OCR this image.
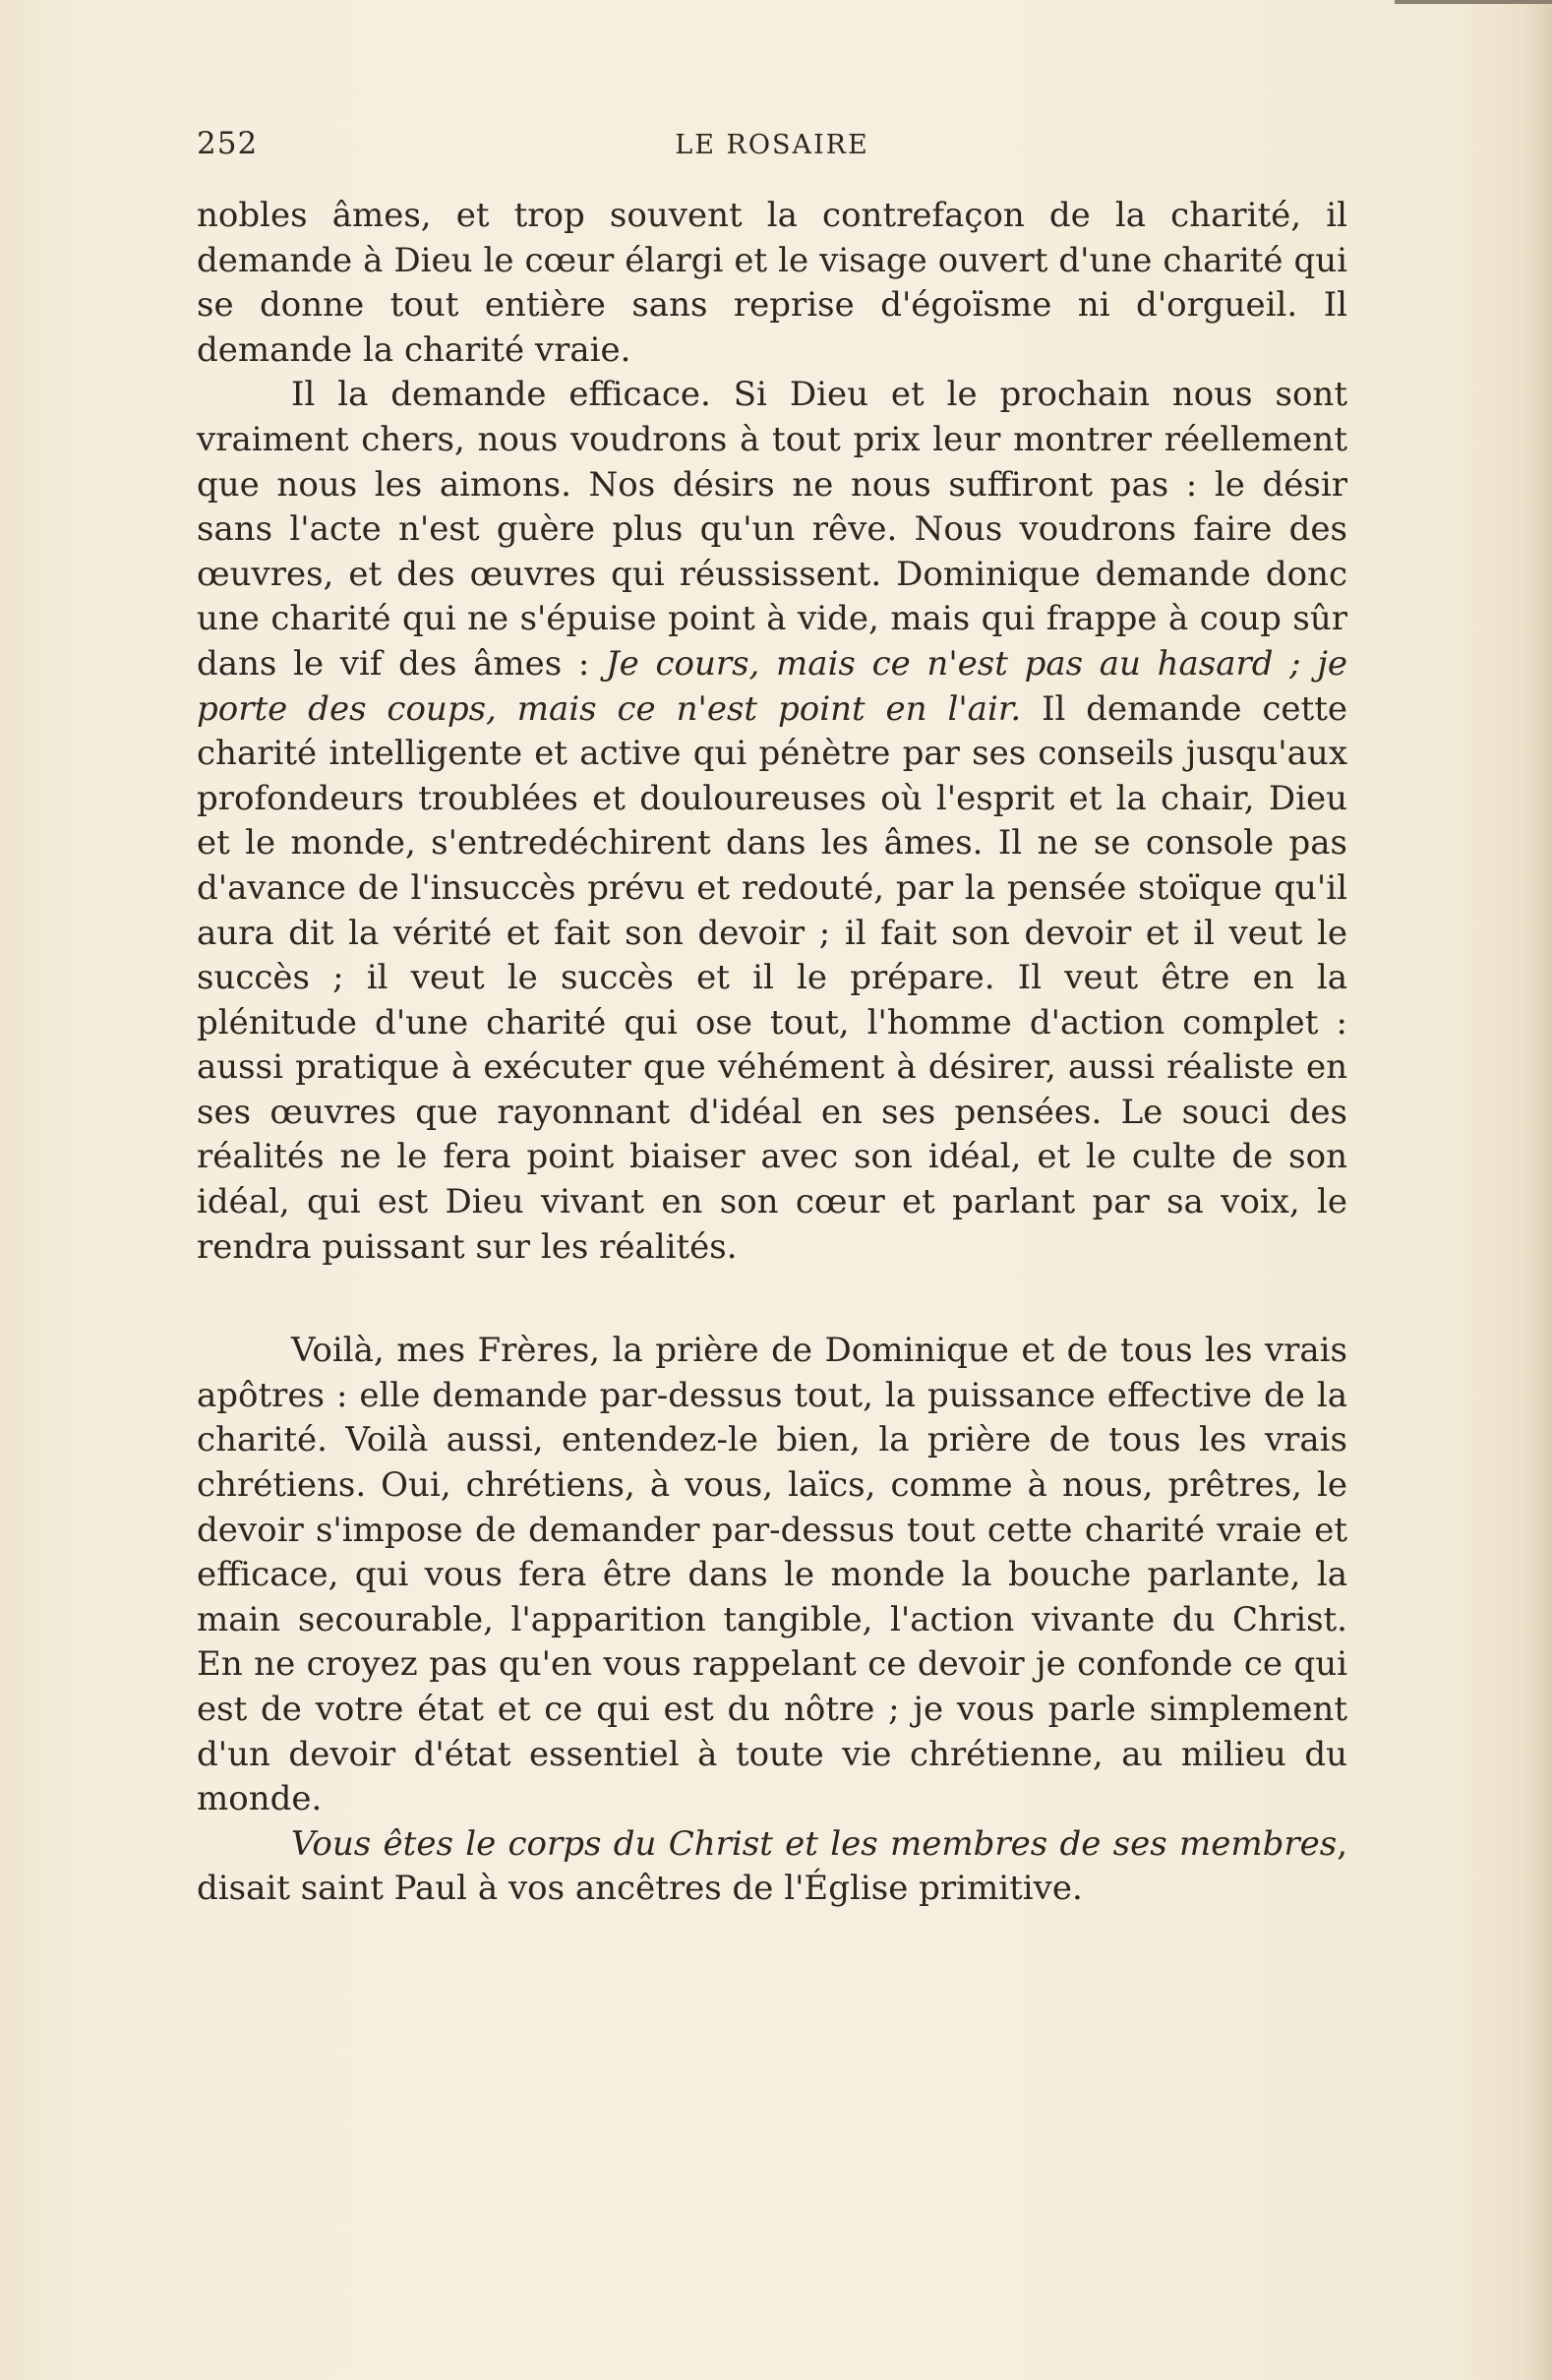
252	LE ROSAIRE

nobles âmes, et trop souvent la contrefaçon de la charité, il demande à Dieu le cœur élargi et le visage ouvert d'une charité qui se donne tout entière sans reprise d'égoïsme ni d'orgueil. Il demande la charité vraie.

Il la demande efficace. Si Dieu et le prochain nous sont vraiment chers, nous voudrons à tout prix leur montrer réellement que nous les aimons. Nos désirs ne nous suffiront pas : le désir sans l'acte n'est guère plus qu'un rêve. Nous voudrons faire des œuvres, et des œuvres qui réussissent. Dominique demande donc une charité qui ne s'épuise point à vide, mais qui frappe à coup sûr dans le vif des âmes : Je cours, mais ce n'est pas au hasard ; je porte des coups, mais ce n'est point en l'air. Il demande cette charité intelligente et active qui pénètre par ses conseils jusqu'aux profondeurs troublées et douloureuses où l'esprit et la chair, Dieu et le monde, s'entredéchirent dans les âmes. Il ne se console pas d'avance de l'insuccès prévu et redouté, par la pensée stoïque qu'il aura dit la vérité et fait son devoir ; il fait son devoir et il veut le succès ; il veut le succès et il le prépare. Il veut être en la plénitude d'une charité qui ose tout, l'homme d'action complet : aussi pratique à exécuter que véhément à désirer, aussi réaliste en ses œuvres que rayonnant d'idéal en ses pensées. Le souci des réalités ne le fera point biaiser avec son idéal, et le culte de son idéal, qui est Dieu vivant en son cœur et parlant par sa voix, le rendra puissant sur les réalités.

Voilà, mes Frères, la prière de Dominique et de tous les vrais apôtres : elle demande par-dessus tout, la puissance effective de la charité. Voilà aussi, entendez-le bien, la prière de tous les vrais chrétiens. Oui, chrétiens, à vous, laïcs, comme à nous, prêtres, le devoir s'impose de demander par-dessus tout cette charité vraie et efficace, qui vous fera être dans le monde la bouche parlante, la main secourable, l'apparition tangible, l'action vivante du Christ. En ne croyez pas qu'en vous rappelant ce devoir je confonde ce qui est de votre état et ce qui est du nôtre ; je vous parle simplement d'un devoir d'état essentiel à toute vie chrétienne, au milieu du monde.

Vous êtes le corps du Christ et les membres de ses membres, disait saint Paul à vos ancêtres de l'Église primitive.
